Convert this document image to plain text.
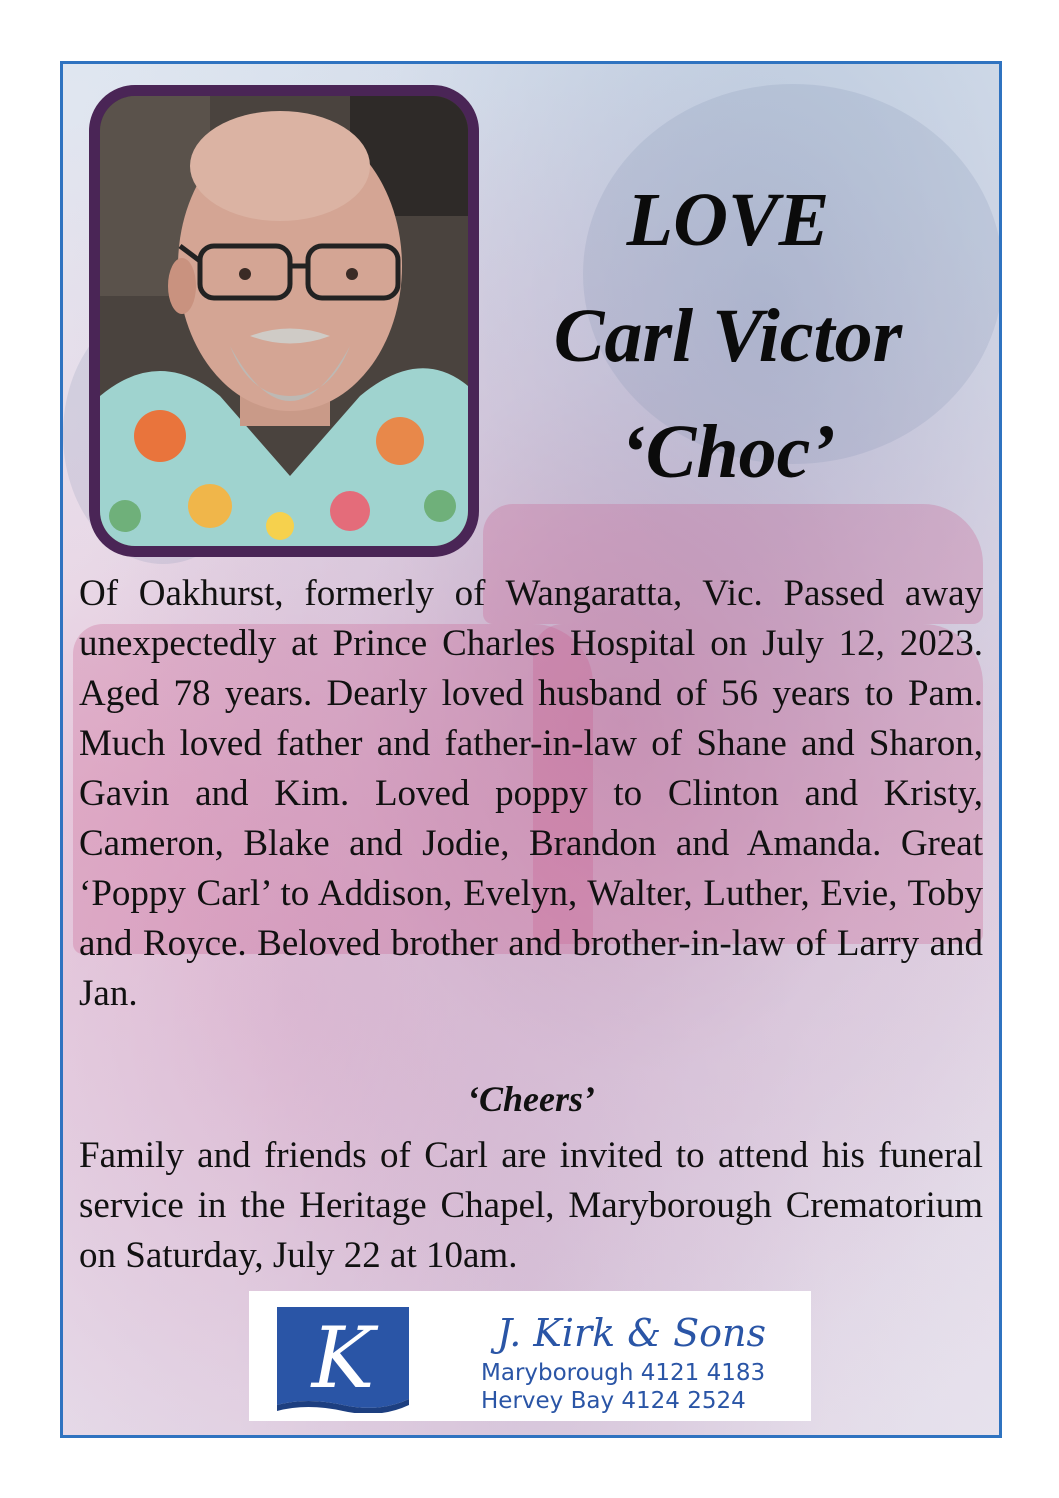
LOVE
Carl Victor
‘Choc’

Of Oakhurst, formerly of Wangaratta, Vic. Passed away unexpectedly at Prince Charles Hospital on July 12, 2023. Aged 78 years. Dearly loved husband of 56 years to Pam. Much loved father and father-in-law of Shane and Sharon, Gavin and Kim. Loved poppy to Clinton and Kristy, Cameron, Blake and Jodie, Brandon and Amanda. Great ‘Poppy Carl’ to Addison, Evelyn, Walter, Luther, Evie, Toby and Royce. Beloved brother and brother-in-law of Larry and Jan.

‘Cheers’

Family and friends of Carl are invited to attend his funeral service in the Heritage Chapel, Maryborough Crematorium on Saturday, July 22 at 10am.

K	J. Kirk & Sons
Maryborough 4121 4183
Hervey Bay 4124 2524
